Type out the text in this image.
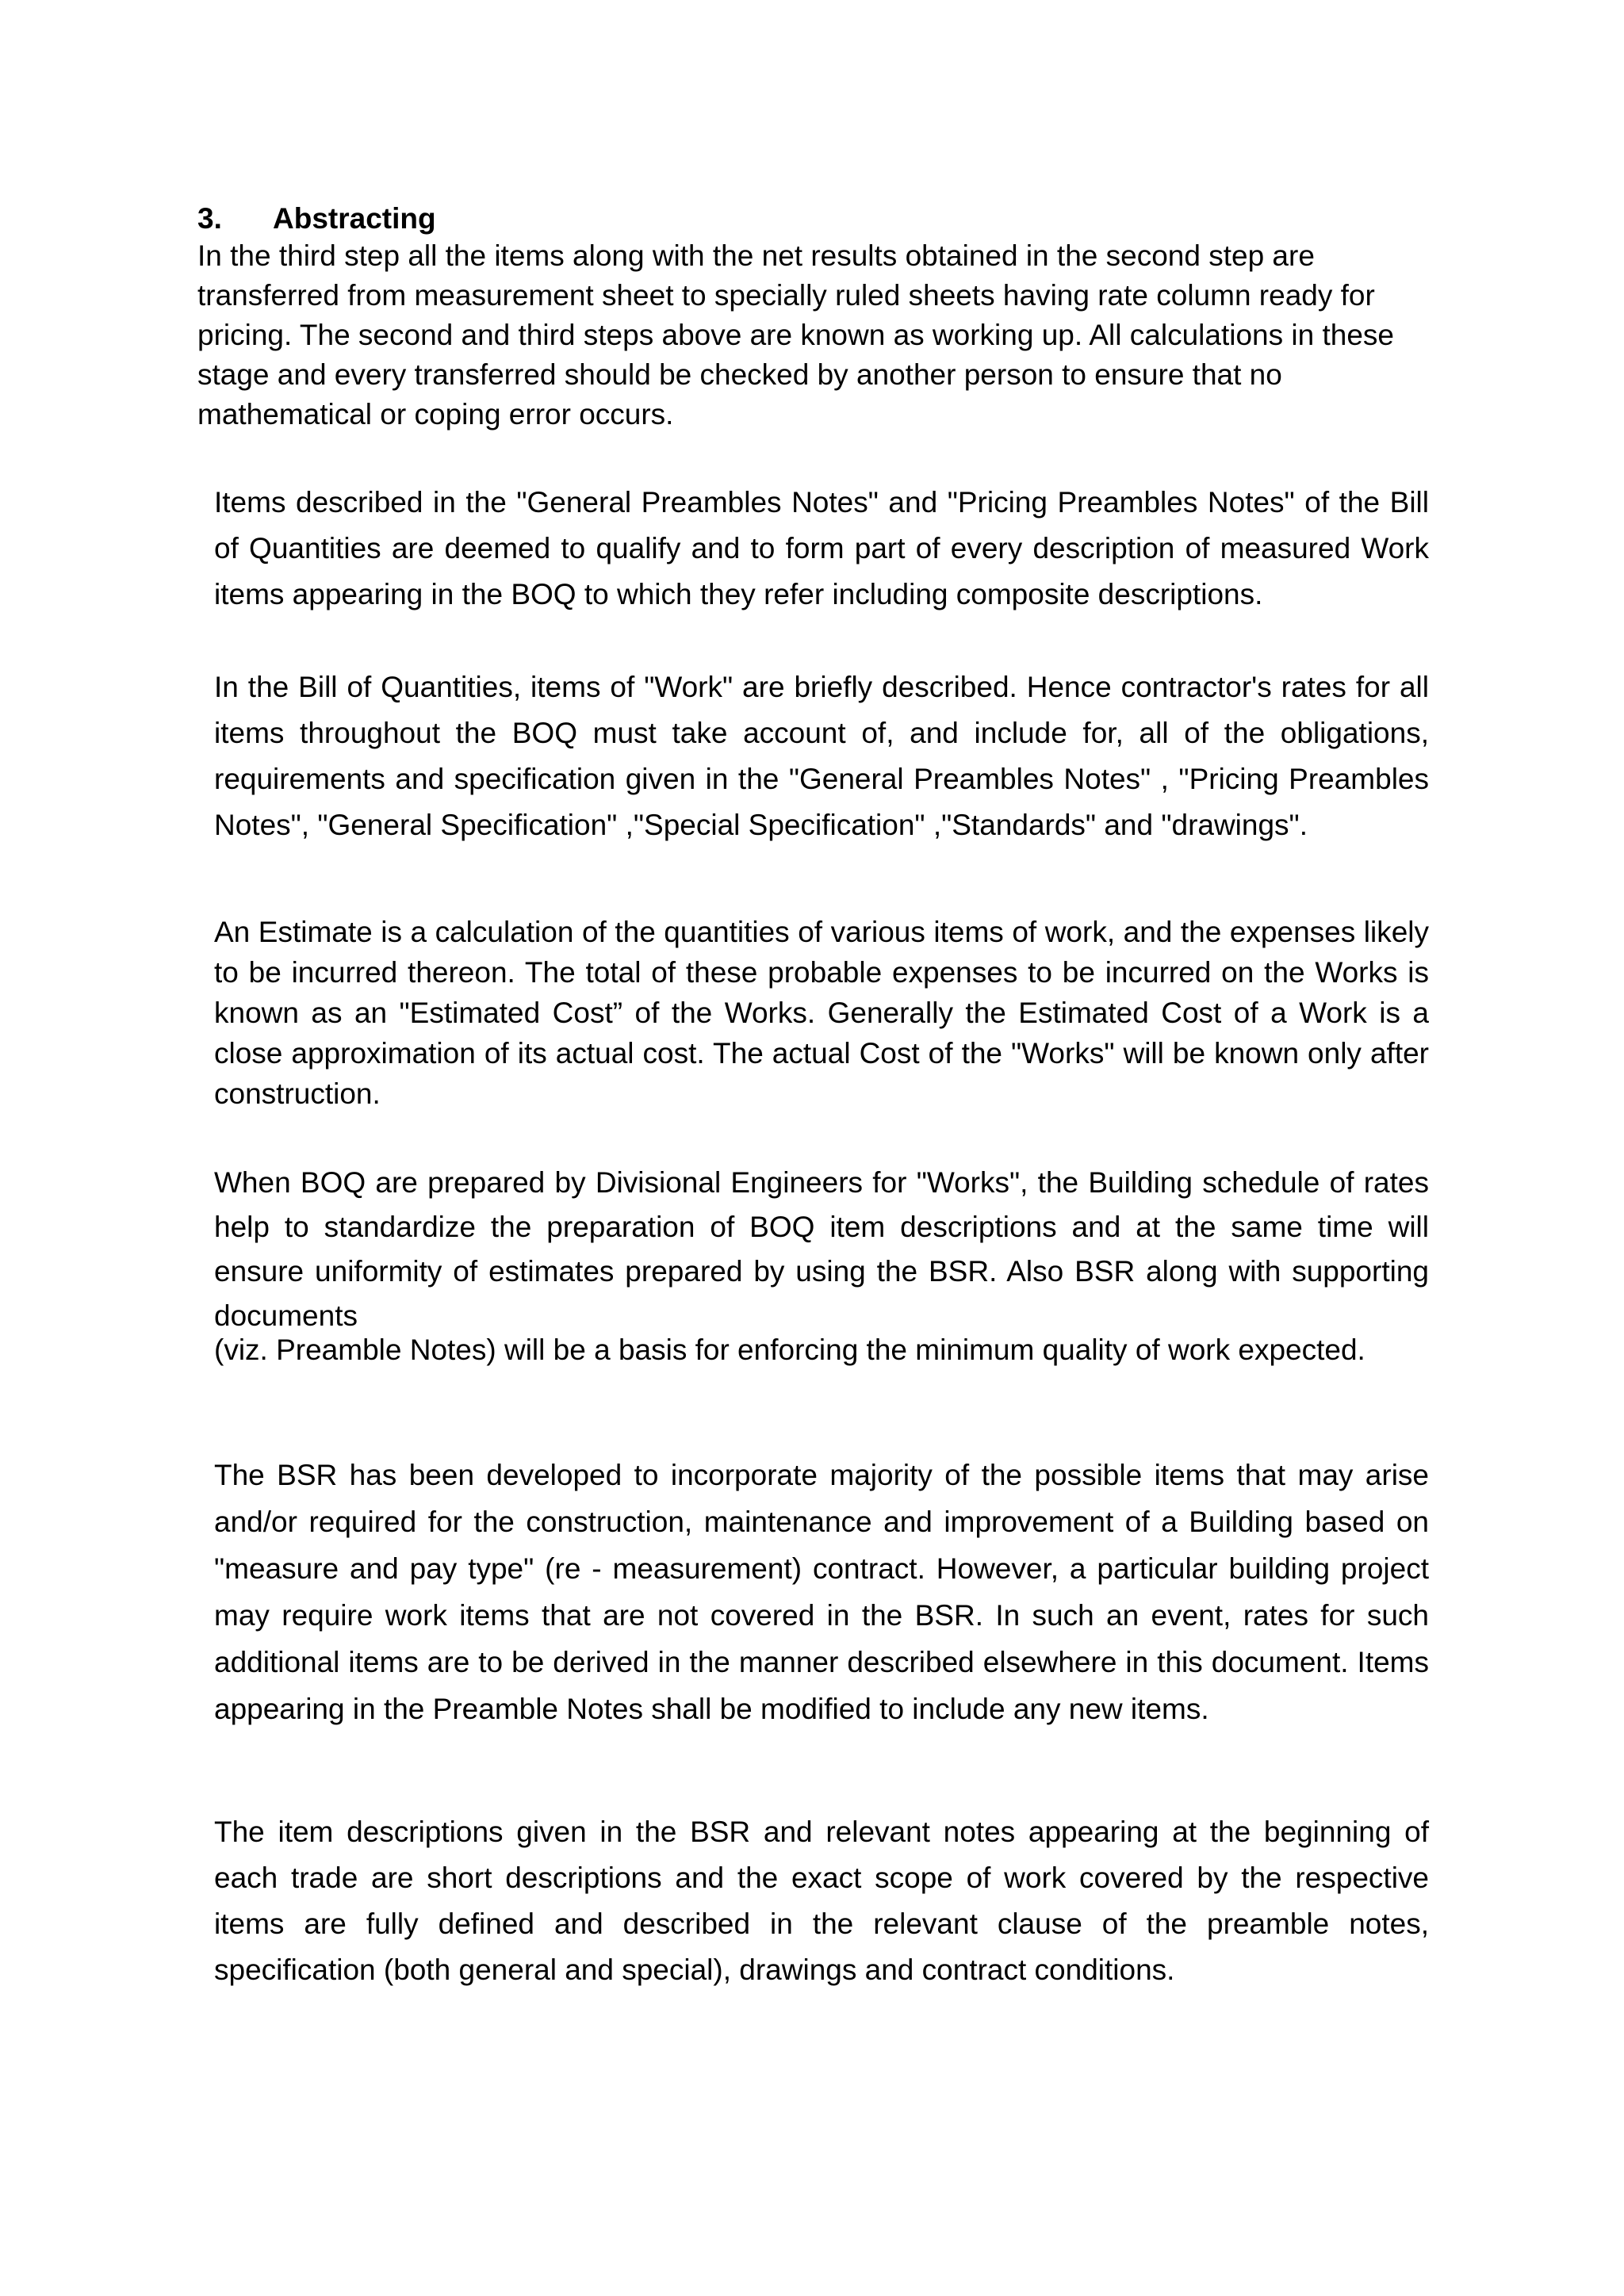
3. Abstracting

In the third step all the items along with the net results obtained in the second step are transferred from measurement sheet to specially ruled sheets having rate column ready for pricing. The second and third steps above are known as working up. All calculations in these stage and every transferred should be checked by another person to ensure that no mathematical or coping error occurs.

Items described in the "General Preambles Notes" and "Pricing Preambles Notes" of the Bill of Quantities are deemed to qualify and to form part of every description of measured Work items appearing in the BOQ to which they refer including composite descriptions.

In the Bill of Quantities, items of "Work" are briefly described. Hence contractor's rates for all items throughout the BOQ must take account of, and include for, all of the obligations, requirements and specification given in the "General Preambles Notes" , "Pricing Preambles Notes", "General Specification" ,"Special Specification" ,"Standards" and "drawings".

An Estimate is a calculation of the quantities of various items of work, and the expenses likely to be incurred thereon. The total of these probable expenses to be incurred on the Works is known as an "Estimated Cost” of the Works. Generally the Estimated Cost of a Work is a close approximation of its actual cost. The actual Cost of the "Works" will be known only after construction.

When BOQ are prepared by Divisional Engineers for "Works", the Building schedule of rates help to standardize the preparation of BOQ item descriptions and at the same time will ensure uniformity of estimates prepared by using the BSR. Also BSR along with supporting documents

(viz. Preamble Notes) will be a basis for enforcing the minimum quality of work expected.

The BSR has been developed to incorporate majority of the possible items that may arise and/or required for the construction, maintenance and improvement of a Building based on "measure and pay type" (re - measurement) contract. However, a particular building project may require work items that are not covered in the BSR. In such an event, rates for such additional items are to be derived in the manner described elsewhere in this document. Items appearing in the Preamble Notes shall be modified to include any new items.

The item descriptions given in the BSR and relevant notes appearing at the beginning of each trade are short descriptions and the exact scope of work covered by the respective items are fully defined and described in the relevant clause of the preamble notes, specification (both general and special), drawings and contract conditions.
